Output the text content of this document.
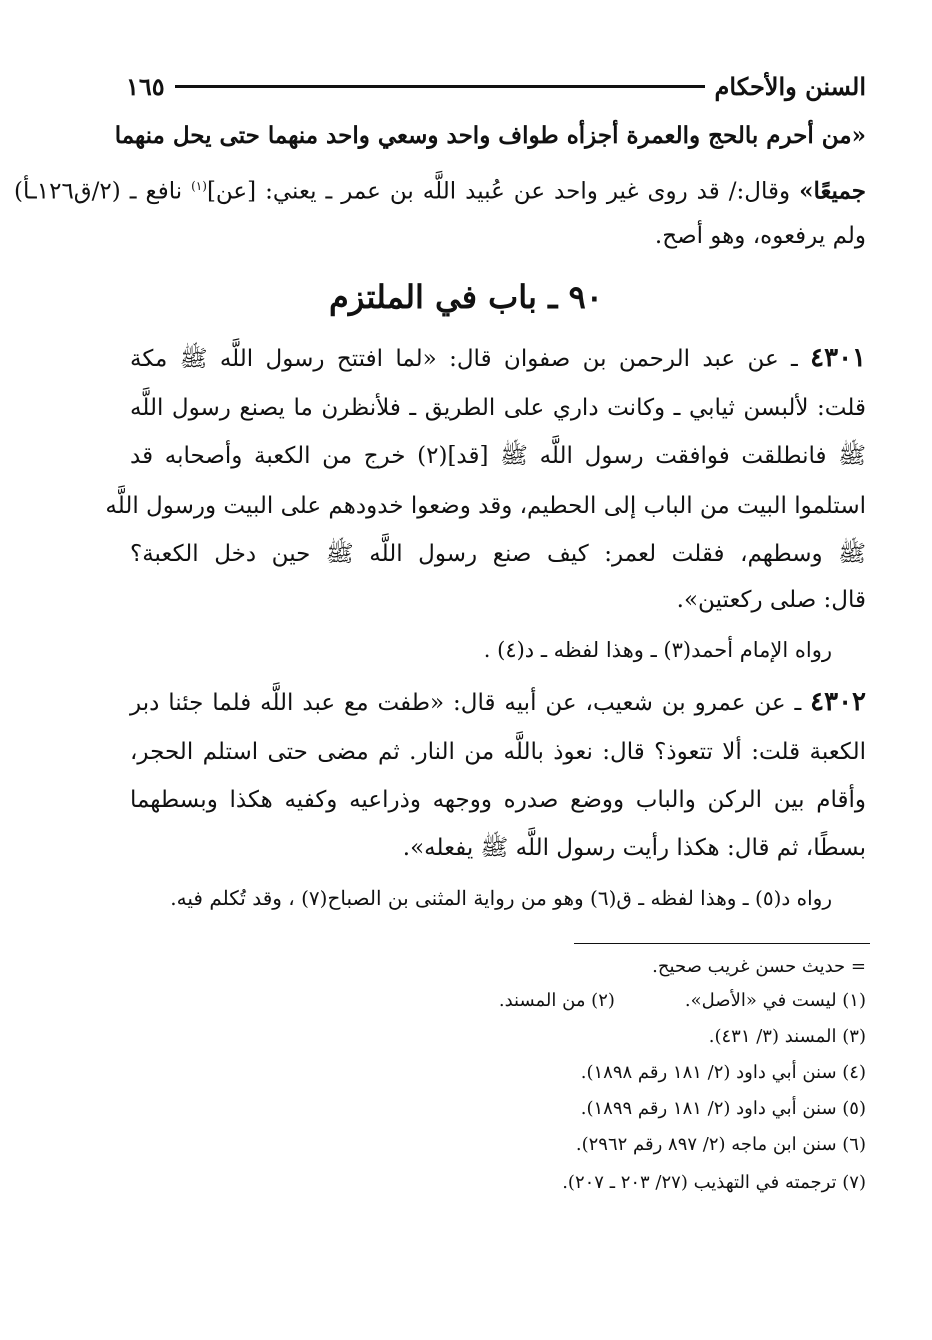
السنن والأحكام
١٦٥
«من أحرم بالحج والعمرة أجزأه طواف واحد وسعي واحد منهما حتى يحل منهما
جميعًا» وقال:/ قد روى غير واحد عن عُبيد اللَّه بن عمر ـ يعني: [عن]$^{(١)}$ نافع ـ (٢/ق١٢٦ـأ)
ولم يرفعوه، وهو أصح.
٩٠ ـ باب في الملتزم
٤٣٠١ ـ عن عبد الرحمن بن صفوان قال: «لما افتتح رسول اللَّه ﷺ مكة
قلت: لألبسن ثيابي ـ وكانت داري على الطريق ـ فلأنظرن ما يصنع رسول اللَّه
ﷺ فانطلقت فوافقت رسول اللَّه ﷺ [قد](٢) خرج من الكعبة وأصحابه قد
استلموا البيت من الباب إلى الحطيم، وقد وضعوا خدودهم على البيت ورسول اللَّه
ﷺ وسطهم، فقلت لعمر: كيف صنع رسول اللَّه ﷺ حين دخل الكعبة؟
قال: صلى ركعتين».
رواه الإمام أحمد(٣) ـ وهذا لفظه ـ د(٤) .
٤٣٠٢ ـ عن عمرو بن شعيب، عن أبيه قال: «طفت مع عبد اللَّه فلما جئنا دبر
الكعبة قلت: ألا تتعوذ؟ قال: نعوذ باللَّه من النار. ثم مضى حتى استلم الحجر،
وأقام بين الركن والباب ووضع صدره ووجهه وذراعيه وكفيه هكذا وبسطهما
بسطًا، ثم قال: هكذا رأيت رسول اللَّه ﷺ يفعله».
رواه د(٥) ـ وهذا لفظه ـ ق(٦) وهو من رواية المثنى بن الصباح(٧) ، وقد تُكلم فيه.
= حديث حسن غريب صحيح.
(١) ليست في «الأصل».(٢) من المسند.
(٣) المسند (٣/ ٤٣١).
(٤) سنن أبي داود (٢/ ١٨١ رقم ١٨٩٨).
(٥) سنن أبي داود (٢/ ١٨١ رقم ١٨٩٩).
(٦) سنن ابن ماجه (٢/ ٨٩٧ رقم ٢٩٦٢).
(٧) ترجمته في التهذيب (٢٧/ ٢٠٣ ـ ٢٠٧).
